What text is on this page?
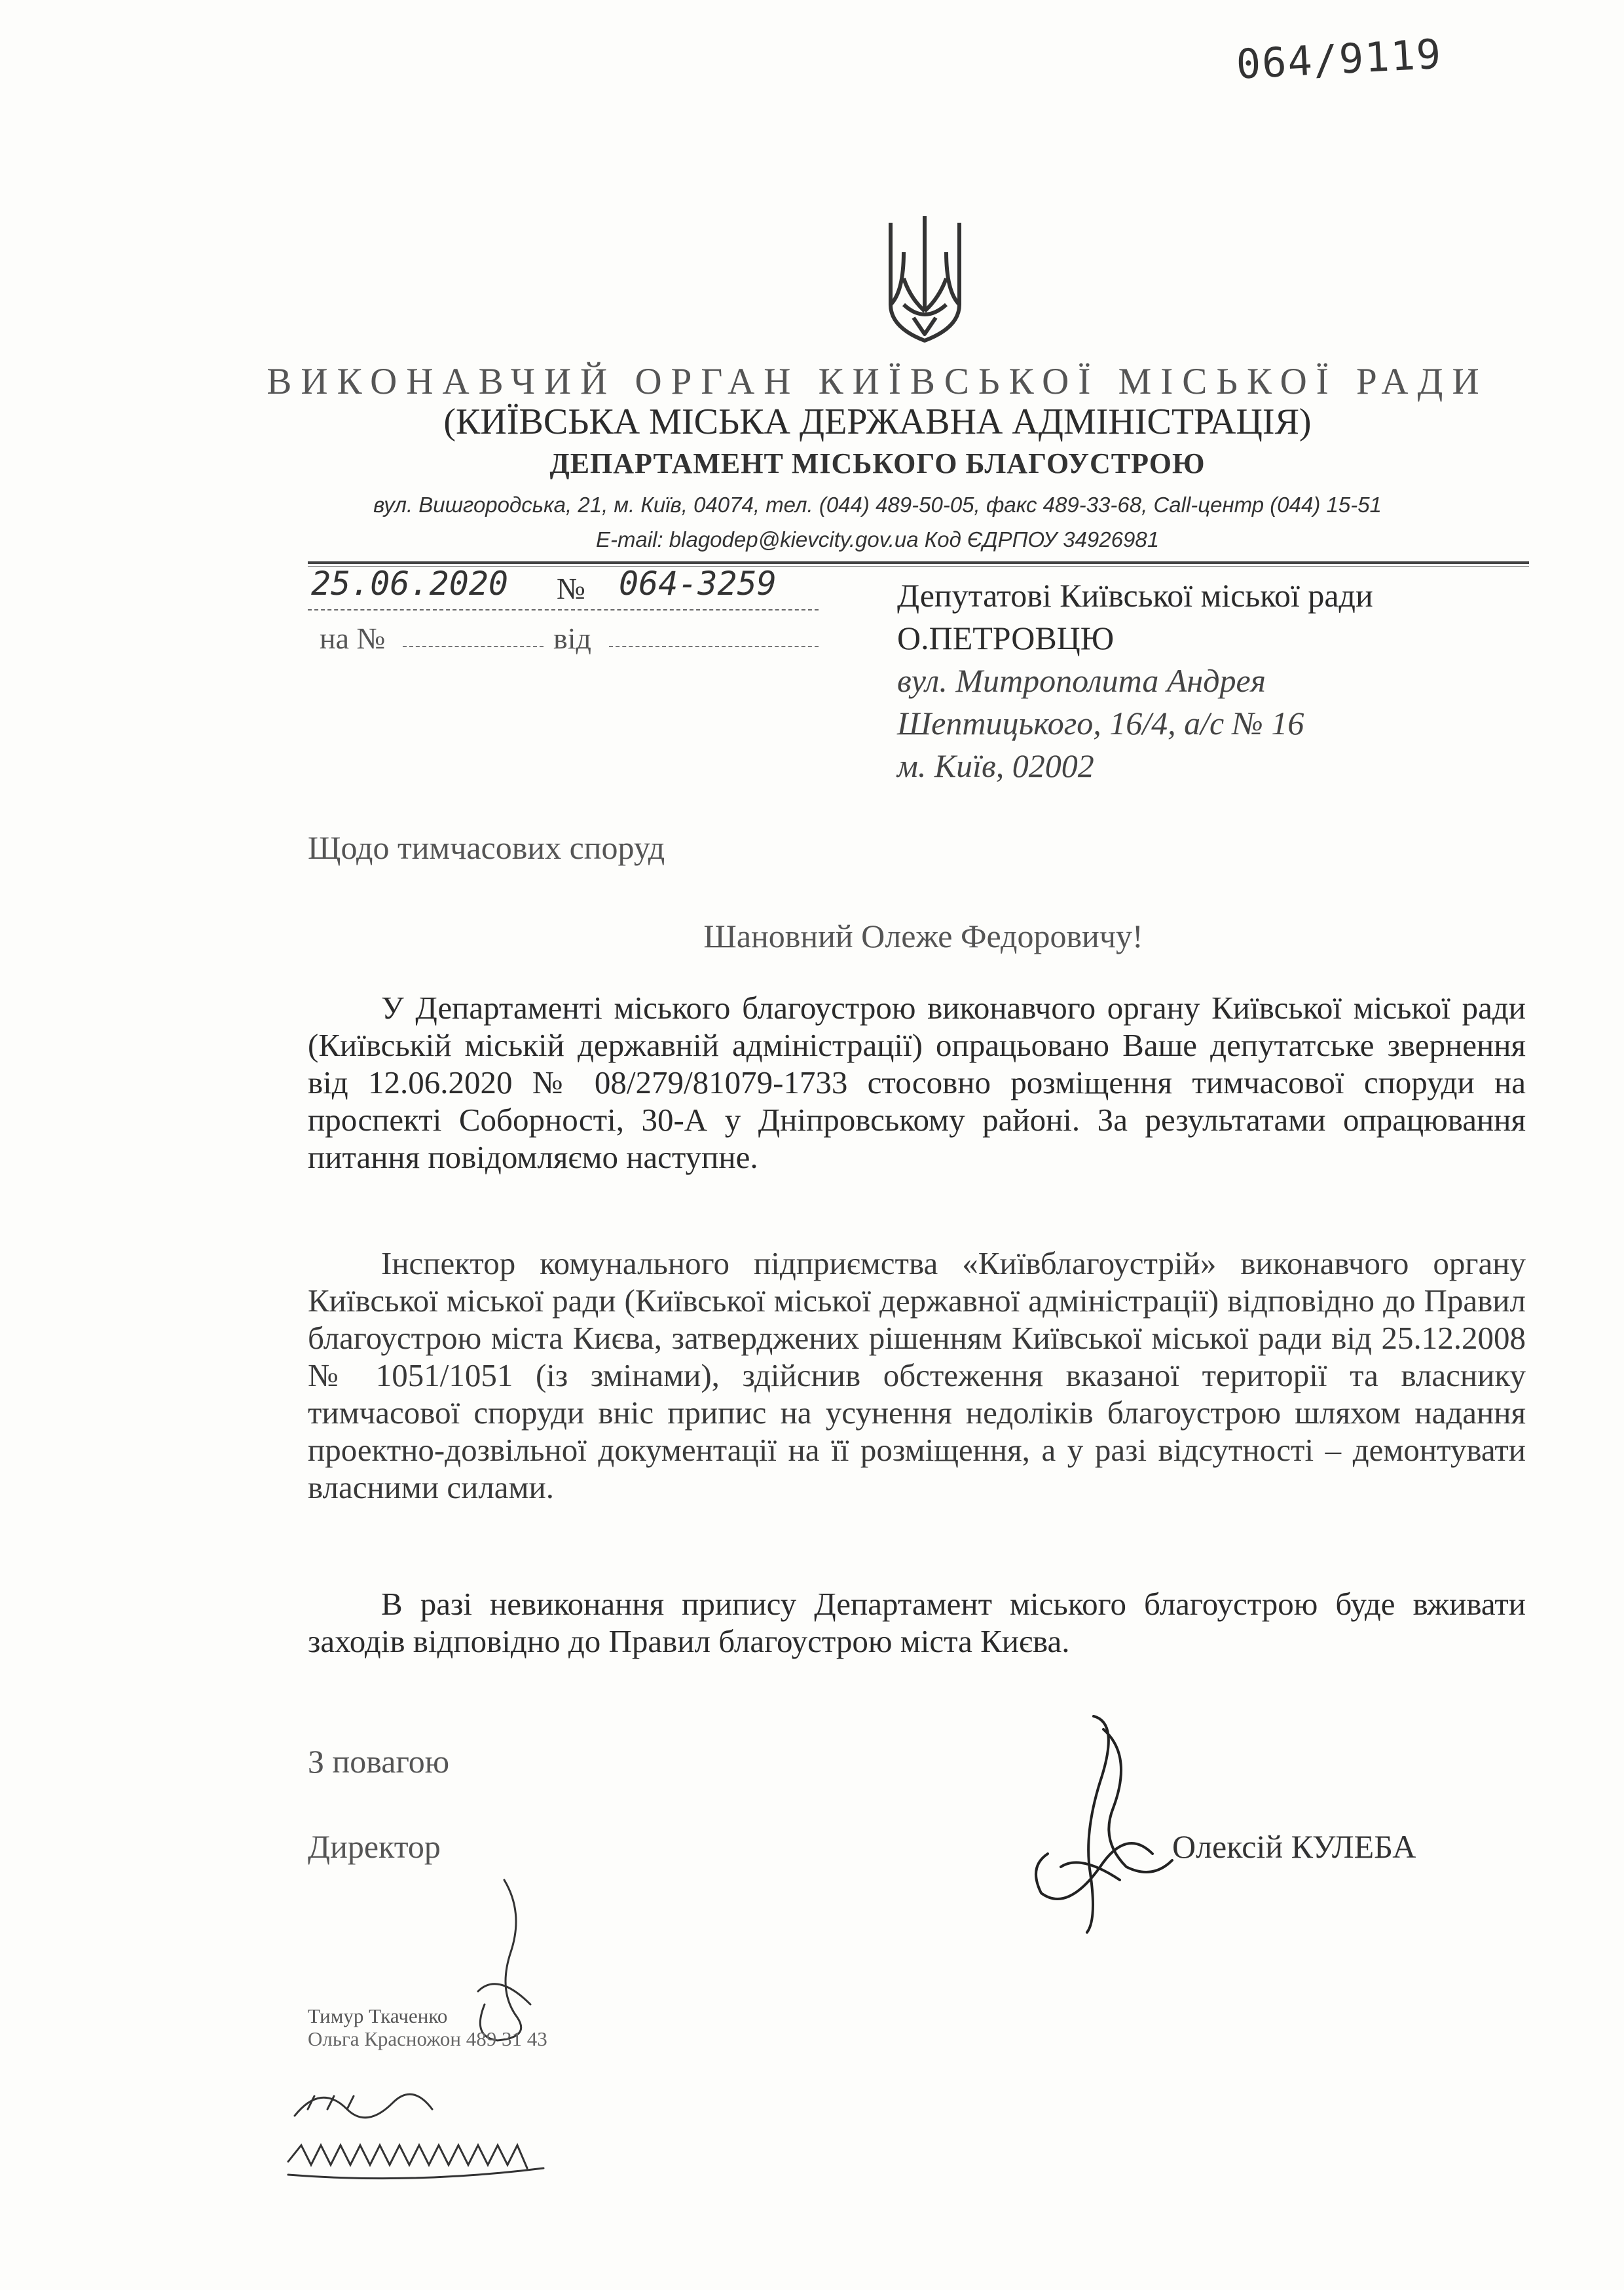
064/9119
ВИКОНАВЧИЙ ОРГАН КИЇВСЬКОЇ МІСЬКОЇ РАДИ
(КИЇВСЬКА МІСЬКА ДЕРЖАВНА АДМІНІСТРАЦІЯ)
ДЕПАРТАМЕНТ МІСЬКОГО БЛАГОУСТРОЮ
вул. Вишгородська, 21, м. Київ, 04074, тел. (044) 489-50-05, факс 489-33-68, Call-центр (044) 15-51
E-mail: blagodep@kievcity.gov.ua Код ЄДРПОУ 34926981
25.06.2020 № 064-3259
на №	від
Депутатові Київської міської ради
О.ПЕТРОВЦЮ
вул. Митрополита Андрея
Шептицького, 16/4, а/с № 16
м. Київ, 02002
Щодо тимчасових споруд
Шановний Олеже Федоровичу!

У Департаменті міського благоустрою виконавчого органу Київської міської ради (Київській міській державній адміністрації) опрацьовано Ваше депутатське звернення від 12.06.2020 № 08/279/81079-1733 стосовно розміщення тимчасової споруди на проспекті Соборності, 30-А у Дніпровському районі. За результатами опрацювання питання повідомляємо наступне.

Інспектор комунального підприємства «Київблагоустрій» виконавчого органу Київської міської ради (Київської міської державної адміністрації) відповідно до Правил благоустрою міста Києва, затверджених рішенням Київської міської ради від 25.12.2008 № 1051/1051 (із змінами), здійснив обстеження вказаної території та власнику тимчасової споруди вніс припис на усунення недоліків благоустрою шляхом надання проектно-дозвільної документації на її розміщення, а у разі відсутності – демонтувати власними силами.

В разі невиконання припису Департамент міського благоустрою буде вживати заходів відповідно до Правил благоустрою міста Києва.

З повагою
Директор	Олексій КУЛЕБА
Тимур Ткаченко
Ольга Красножон 489 31 43
